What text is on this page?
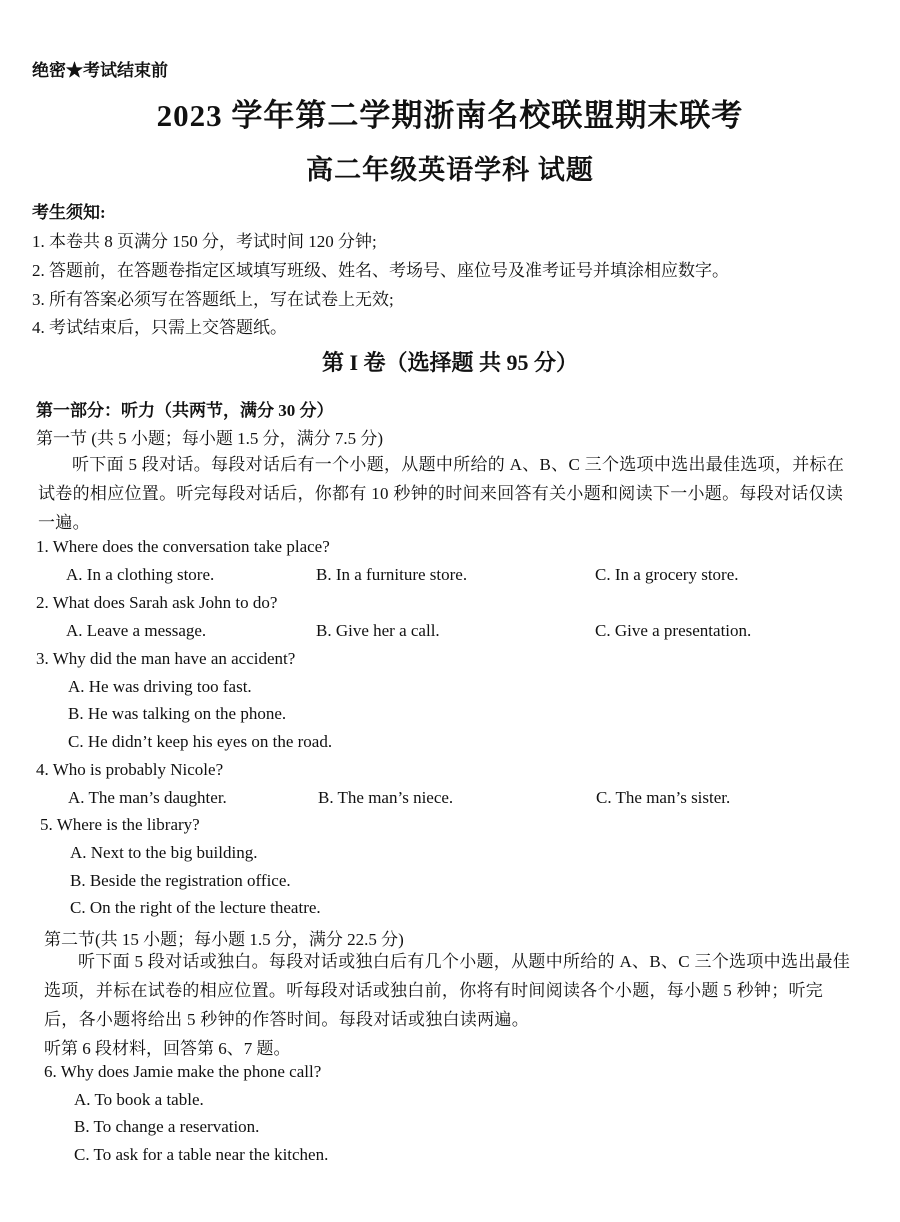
绝密★考试结束前
2023 学年第二学期浙南名校联盟期末联考
高二年级英语学科 试题
考生须知:
1. 本卷共 8 页满分 150 分，考试时间 120 分钟;
2. 答题前，在答题卷指定区域填写班级、姓名、考场号、座位号及准考证号并填涂相应数字。
3. 所有答案必须写在答题纸上，写在试卷上无效;
4. 考试结束后，只需上交答题纸。
第 I 卷（选择题 共 95 分）
第一部分：听力（共两节，满分 30 分）
第一节 (共 5 小题；每小题 1.5 分，满分 7.5 分)
听下面 5 段对话。每段对话后有一个小题，从题中所给的 A、B、C 三个选项中选出最佳选项，并标在试卷的相应位置。听完每段对话后，你都有 10 秒钟的时间来回答有关小题和阅读下一小题。每段对话仅读一遍。
1. Where does the conversation take place?
A. In a clothing store.	B. In a furniture store.	C. In a grocery store.
2. What does Sarah ask John to do?
A. Leave a message.	B. Give her a call.	C. Give a presentation.
3. Why did the man have an accident?
A. He was driving too fast.
B. He was talking on the phone.
C. He didn’t keep his eyes on the road.
4. Who is probably Nicole?
A. The man’s daughter.	B. The man’s niece.	C. The man’s sister.
5. Where is the library?
A. Next to the big building.
B. Beside the registration office.
C. On the right of the lecture theatre.
第二节(共 15 小题；每小题 1.5 分，满分 22.5 分)
听下面 5 段对话或独白。每段对话或独白后有几个小题，从题中所给的 A、B、C 三个选项中选出最佳选项，并标在试卷的相应位置。听每段对话或独白前，你将有时间阅读各个小题，每小题 5 秒钟；听完后，各小题将给出 5 秒钟的作答时间。每段对话或独白读两遍。
听第 6 段材料，回答第 6、7 题。
6. Why does Jamie make the phone call?
A. To book a table.
B. To change a reservation.
C. To ask for a table near the kitchen.
